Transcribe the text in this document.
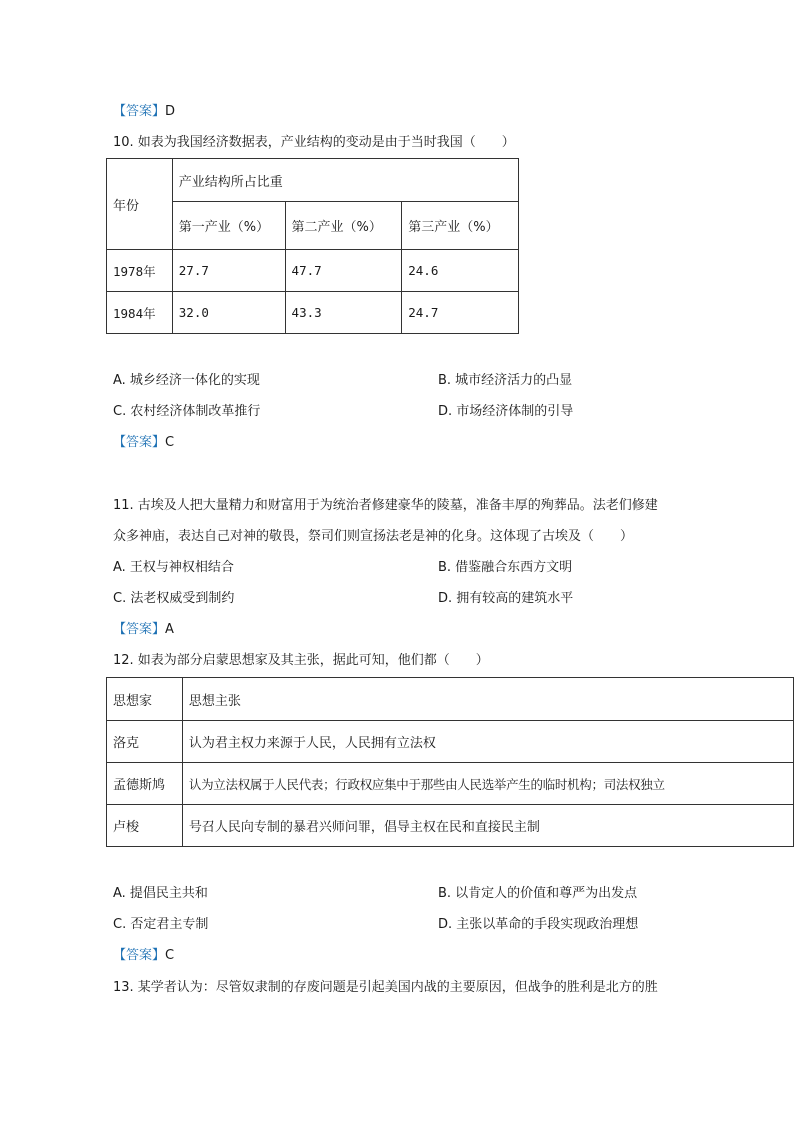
【答案】D
10. 如表为我国经济数据表，产业结构的变动是由于当时我国（　　）
年份	产业结构所占比重		
	第一产业（%）	第二产业（%）	第三产业（%）
1978年	27.7	47.7	24.6
1984年	32.0	43.3	24.7
A. 城乡经济一体化的实现	B. 城市经济活力的凸显
C. 农村经济体制改革推行	D. 市场经济体制的引导
【答案】C
11. 古埃及人把大量精力和财富用于为统治者修建豪华的陵墓，准备丰厚的殉葬品。法老们修建
众多神庙，表达自己对神的敬畏，祭司们则宣扬法老是神的化身。这体现了古埃及（　　）
A. 王权与神权相结合	B. 借鉴融合东西方文明
C. 法老权威受到制约	D. 拥有较高的建筑水平
【答案】A
12. 如表为部分启蒙思想家及其主张，据此可知，他们都（　　）
思想家	思想主张
洛克	认为君主权力来源于人民，人民拥有立法权
孟德斯鸠	认为立法权属于人民代表；行政权应集中于那些由人民选举产生的临时机构；司法权独立
卢梭	号召人民向专制的暴君兴师问罪，倡导主权在民和直接民主制
A. 提倡民主共和	B. 以肯定人的价值和尊严为出发点
C. 否定君主专制	D. 主张以革命的手段实现政治理想
【答案】C
13. 某学者认为：尽管奴隶制的存废问题是引起美国内战的主要原因，但战争的胜利是北方的胜
